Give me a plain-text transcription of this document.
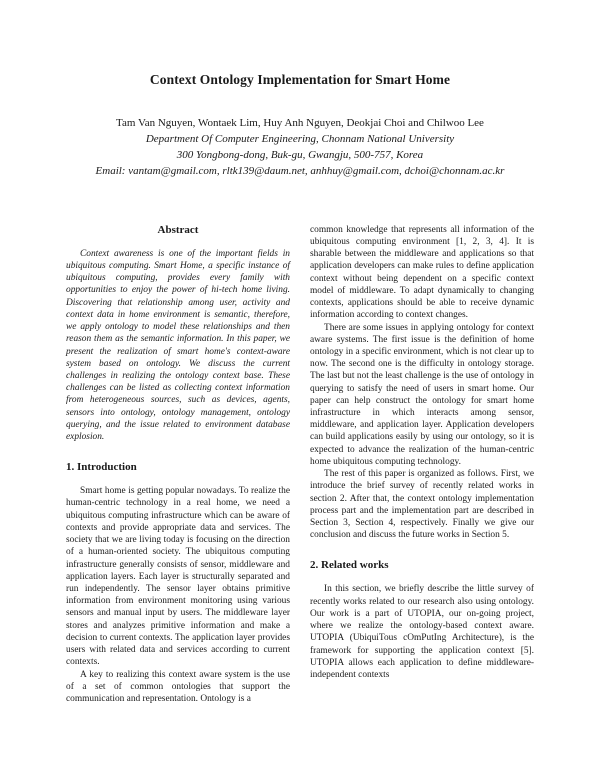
Context Ontology Implementation for Smart Home
Tam Van Nguyen, Wontaek Lim, Huy Anh Nguyen, Deokjai Choi and Chilwoo Lee
Department Of Computer Engineering, Chonnam National University
300 Yongbong-dong, Buk-gu, Gwangju, 500-757, Korea
Email: vantam@gmail.com, rltk139@daum.net, anhhuy@gmail.com, dchoi@chonnam.ac.kr
Abstract

Context awareness is one of the important fields in ubiquitous computing. Smart Home, a specific instance of ubiquitous computing, provides every family with opportunities to enjoy the power of hi-tech home living. Discovering that relationship among user, activity and context data in home environment is semantic, therefore, we apply ontology to model these relationships and then reason them as the semantic information. In this paper, we present the realization of smart home's context-aware system based on ontology. We discuss the current challenges in realizing the ontology context base. These challenges can be listed as collecting context information from heterogeneous sources, such as devices, agents, sensors into ontology, ontology management, ontology querying, and the issue related to environment database explosion.

1. Introduction

Smart home is getting popular nowadays. To realize the human-centric technology in a real home, we need a ubiquitous computing infrastructure which can be aware of contexts and provide appropriate data and services. The society that we are living today is focusing on the direction of a human-oriented society. The ubiquitous computing infrastructure generally consists of sensor, middleware and application layers. Each layer is structurally separated and run independently. The sensor layer obtains primitive information from environment monitoring using various sensors and manual input by users. The middleware layer stores and analyzes primitive information and make a decision to current contexts. The application layer provides users with related data and services according to current contexts.

A key to realizing this context aware system is the use of a set of common ontologies that support the communication and representation. Ontology is a

common knowledge that represents all information of the ubiquitous computing environment [1, 2, 3, 4]. It is sharable between the middleware and applications so that application developers can make rules to define application context without being dependent on a specific context model of middleware. To adapt dynamically to changing contexts, applications should be able to receive dynamic information according to context changes.

There are some issues in applying ontology for context aware systems. The first issue is the definition of home ontology in a specific environment, which is not clear up to now. The second one is the difficulty in ontology storage. The last but not the least challenge is the use of ontology in querying to satisfy the need of users in smart home. Our paper can help construct the ontology for smart home infrastructure in which interacts among sensor, middleware, and application layer. Application developers can build applications easily by using our ontology, so it is expected to advance the realization of the human-centric home ubiquitous computing technology.

The rest of this paper is organized as follows. First, we introduce the brief survey of recently related works in section 2. After that, the context ontology implementation process part and the implementation part are described in Section 3, Section 4, respectively. Finally we give our conclusion and discuss the future works in Section 5.

2. Related works

In this section, we briefly describe the little survey of recently works related to our research also using ontology. Our work is a part of UTOPIA, our on-going project, where we realize the ontology-based context aware. UTOPIA (UbiquiTous cOmPutIng Architecture), is the framework for supporting the application context [5]. UTOPIA allows each application to define middleware-independent contexts
